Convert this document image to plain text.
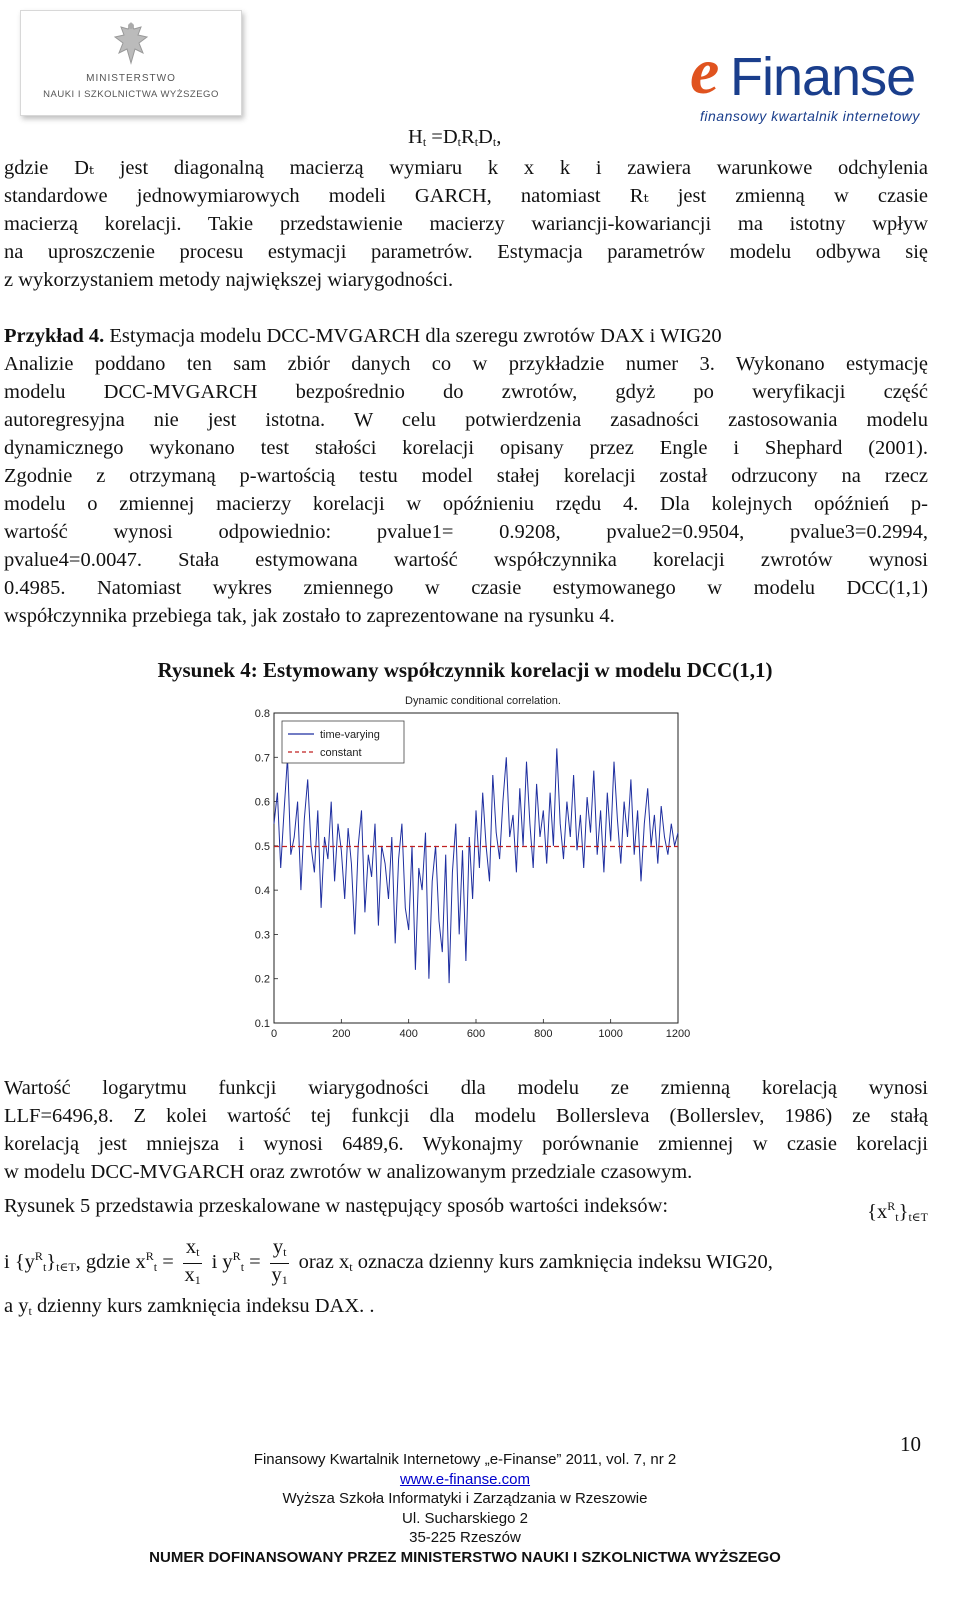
MINISTERSTWO
NAUKI I SZKOLNICTWA WYŻSZEGO	e Finanse
finansowy kwartalnik internetowy
$H_t =D_tR_tD_t$,
gdzie Dₜ jest diagonalną macierzą wymiaru k x k i zawiera warunkowe odchylenia
standardowe jednowymiarowych modeli GARCH, natomiast Rₜ jest zmienną w czasie
macierzą korelacji. Takie przedstawienie macierzy wariancji-kowariancji ma istotny wpływ
na uproszczenie procesu estymacji parametrów. Estymacja parametrów modelu odbywa się
z wykorzystaniem metody największej wiarygodności.
Przykład 4. Estymacja modelu DCC-MVGARCH dla szeregu zwrotów DAX i WIG20
Analizie poddano ten sam zbiór danych co w przykładzie numer 3. Wykonano estymację
modelu DCC-MVGARCH bezpośrednio do zwrotów, gdyż po weryfikacji część
autoregresyjna nie jest istotna. W celu potwierdzenia zasadności zastosowania modelu
dynamicznego wykonano test stałości korelacji opisany przez Engle i Shephard (2001).
Zgodnie z otrzymaną p-wartością testu model stałej korelacji został odrzucony na rzecz
modelu o zmiennej macierzy korelacji w opóźnieniu rzędu 4. Dla kolejnych opóźnień p-
wartość wynosi odpowiednio: pvalue1= 0.9208, pvalue2=0.9504, pvalue3=0.2994,
pvalue4=0.0047. Stała estymowana wartość współczynnika korelacji zwrotów wynosi
0.4985. Natomiast wykres zmiennego w czasie estymowanego w modelu DCC(1,1)
współczynnika przebiega tak, jak zostało to zaprezentowane na rysunku 4.
Rysunek 4: Estymowany współczynnik korelacji w modelu DCC(1,1)
Dynamic conditional correlation.
0.1
0.2
0.3
0.4
0.5
0.6
0.7
0.8
0	200	400	600	800	1000	1200
time-varying
constant
Wartość logarytmu funkcji wiarygodności dla modelu ze zmienną korelacją wynosi
LLF=6496,8. Z kolei wartość tej funkcji dla modelu Bollersleva (Bollerslev, 1986) ze stałą
korelacją jest mniejsza i wynosi 6489,6. Wykonajmy porównanie zmiennej w czasie korelacji
w modelu DCC-MVGARCH oraz zwrotów w analizowanym przedziale czasowym.
Rysunek 5 przedstawia przeskalowane w następujący sposób wartości indeksów:	$\{x^R_t\}_{t\in T}$
i $\{y^R_t\}_{t\in T}$, gdzie $x^R_t = \frac{x_t}{x_1}$ i $y^R_t = \frac{y_t}{y_1}$ oraz $x_t$ oznacza dzienny kurs zamknięcia indeksu WIG20,
a $y_t$ dzienny kurs zamknięcia indeksu DAX. .
10
Finansowy Kwartalnik Internetowy „e-Finanse” 2011, vol. 7, nr 2
www.e-finanse.com
Wyższa Szkoła Informatyki i Zarządzania w Rzeszowie
Ul. Sucharskiego 2
35-225 Rzeszów
NUMER DOFINANSOWANY PRZEZ MINISTERSTWO NAUKI I SZKOLNICTWA WYŻSZEGO
